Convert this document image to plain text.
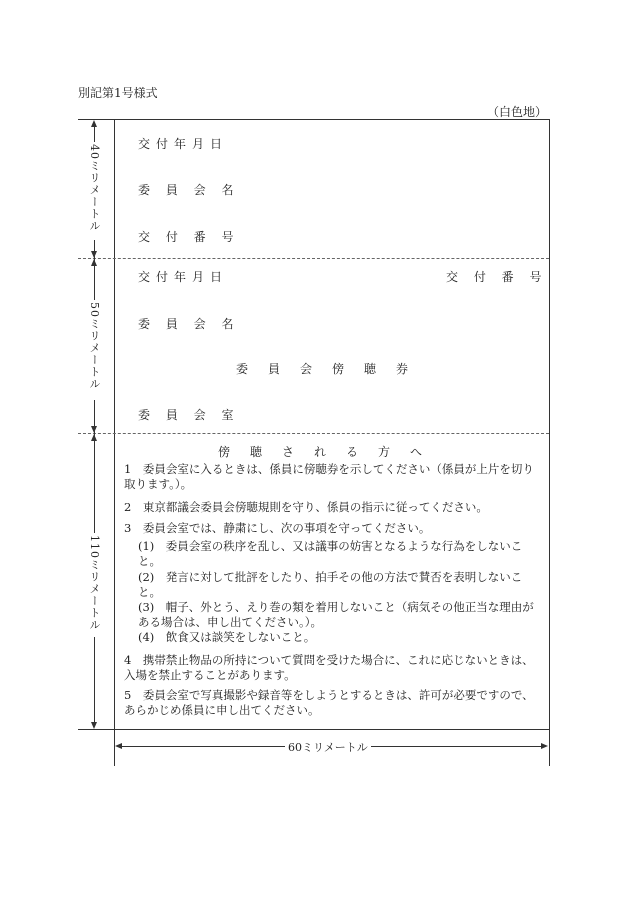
別記第1号様式
（白色地）
交付年月日
委 員 会 名
交 付 番 号
交付年月日	交 付 番 号
委 員 会 名
委　員　会　傍　聴　券
委 員 会 室
傍　聴　さ　れ　る　方　へ
1　委員会室に入るときは、係員に傍聴券を示してください（係員が上片を切り取ります。）。
2　東京都議会委員会傍聴規則を守り、係員の指示に従ってください。
3　委員会室では、静粛にし、次の事項を守ってください。
(1)　委員会室の秩序を乱し、又は議事の妨害となるような行為をしないこと。
(2)　発言に対して批評をしたり、拍手その他の方法で賛否を表明しないこと。
(3)　帽子、外とう、えり巻の類を着用しないこと（病気その他正当な理由がある場合は、申し出てください。）。
(4)　飲食又は談笑をしないこと。
4　携帯禁止物品の所持について質問を受けた場合に、これに応じないときは、入場を禁止することがあります。
5　委員会室で写真撮影や録音等をしようとするときは、許可が必要ですので、あらかじめ係員に申し出てください。
40ミリメートル
50ミリメートル
110ミリメートル
60ミリメートル
